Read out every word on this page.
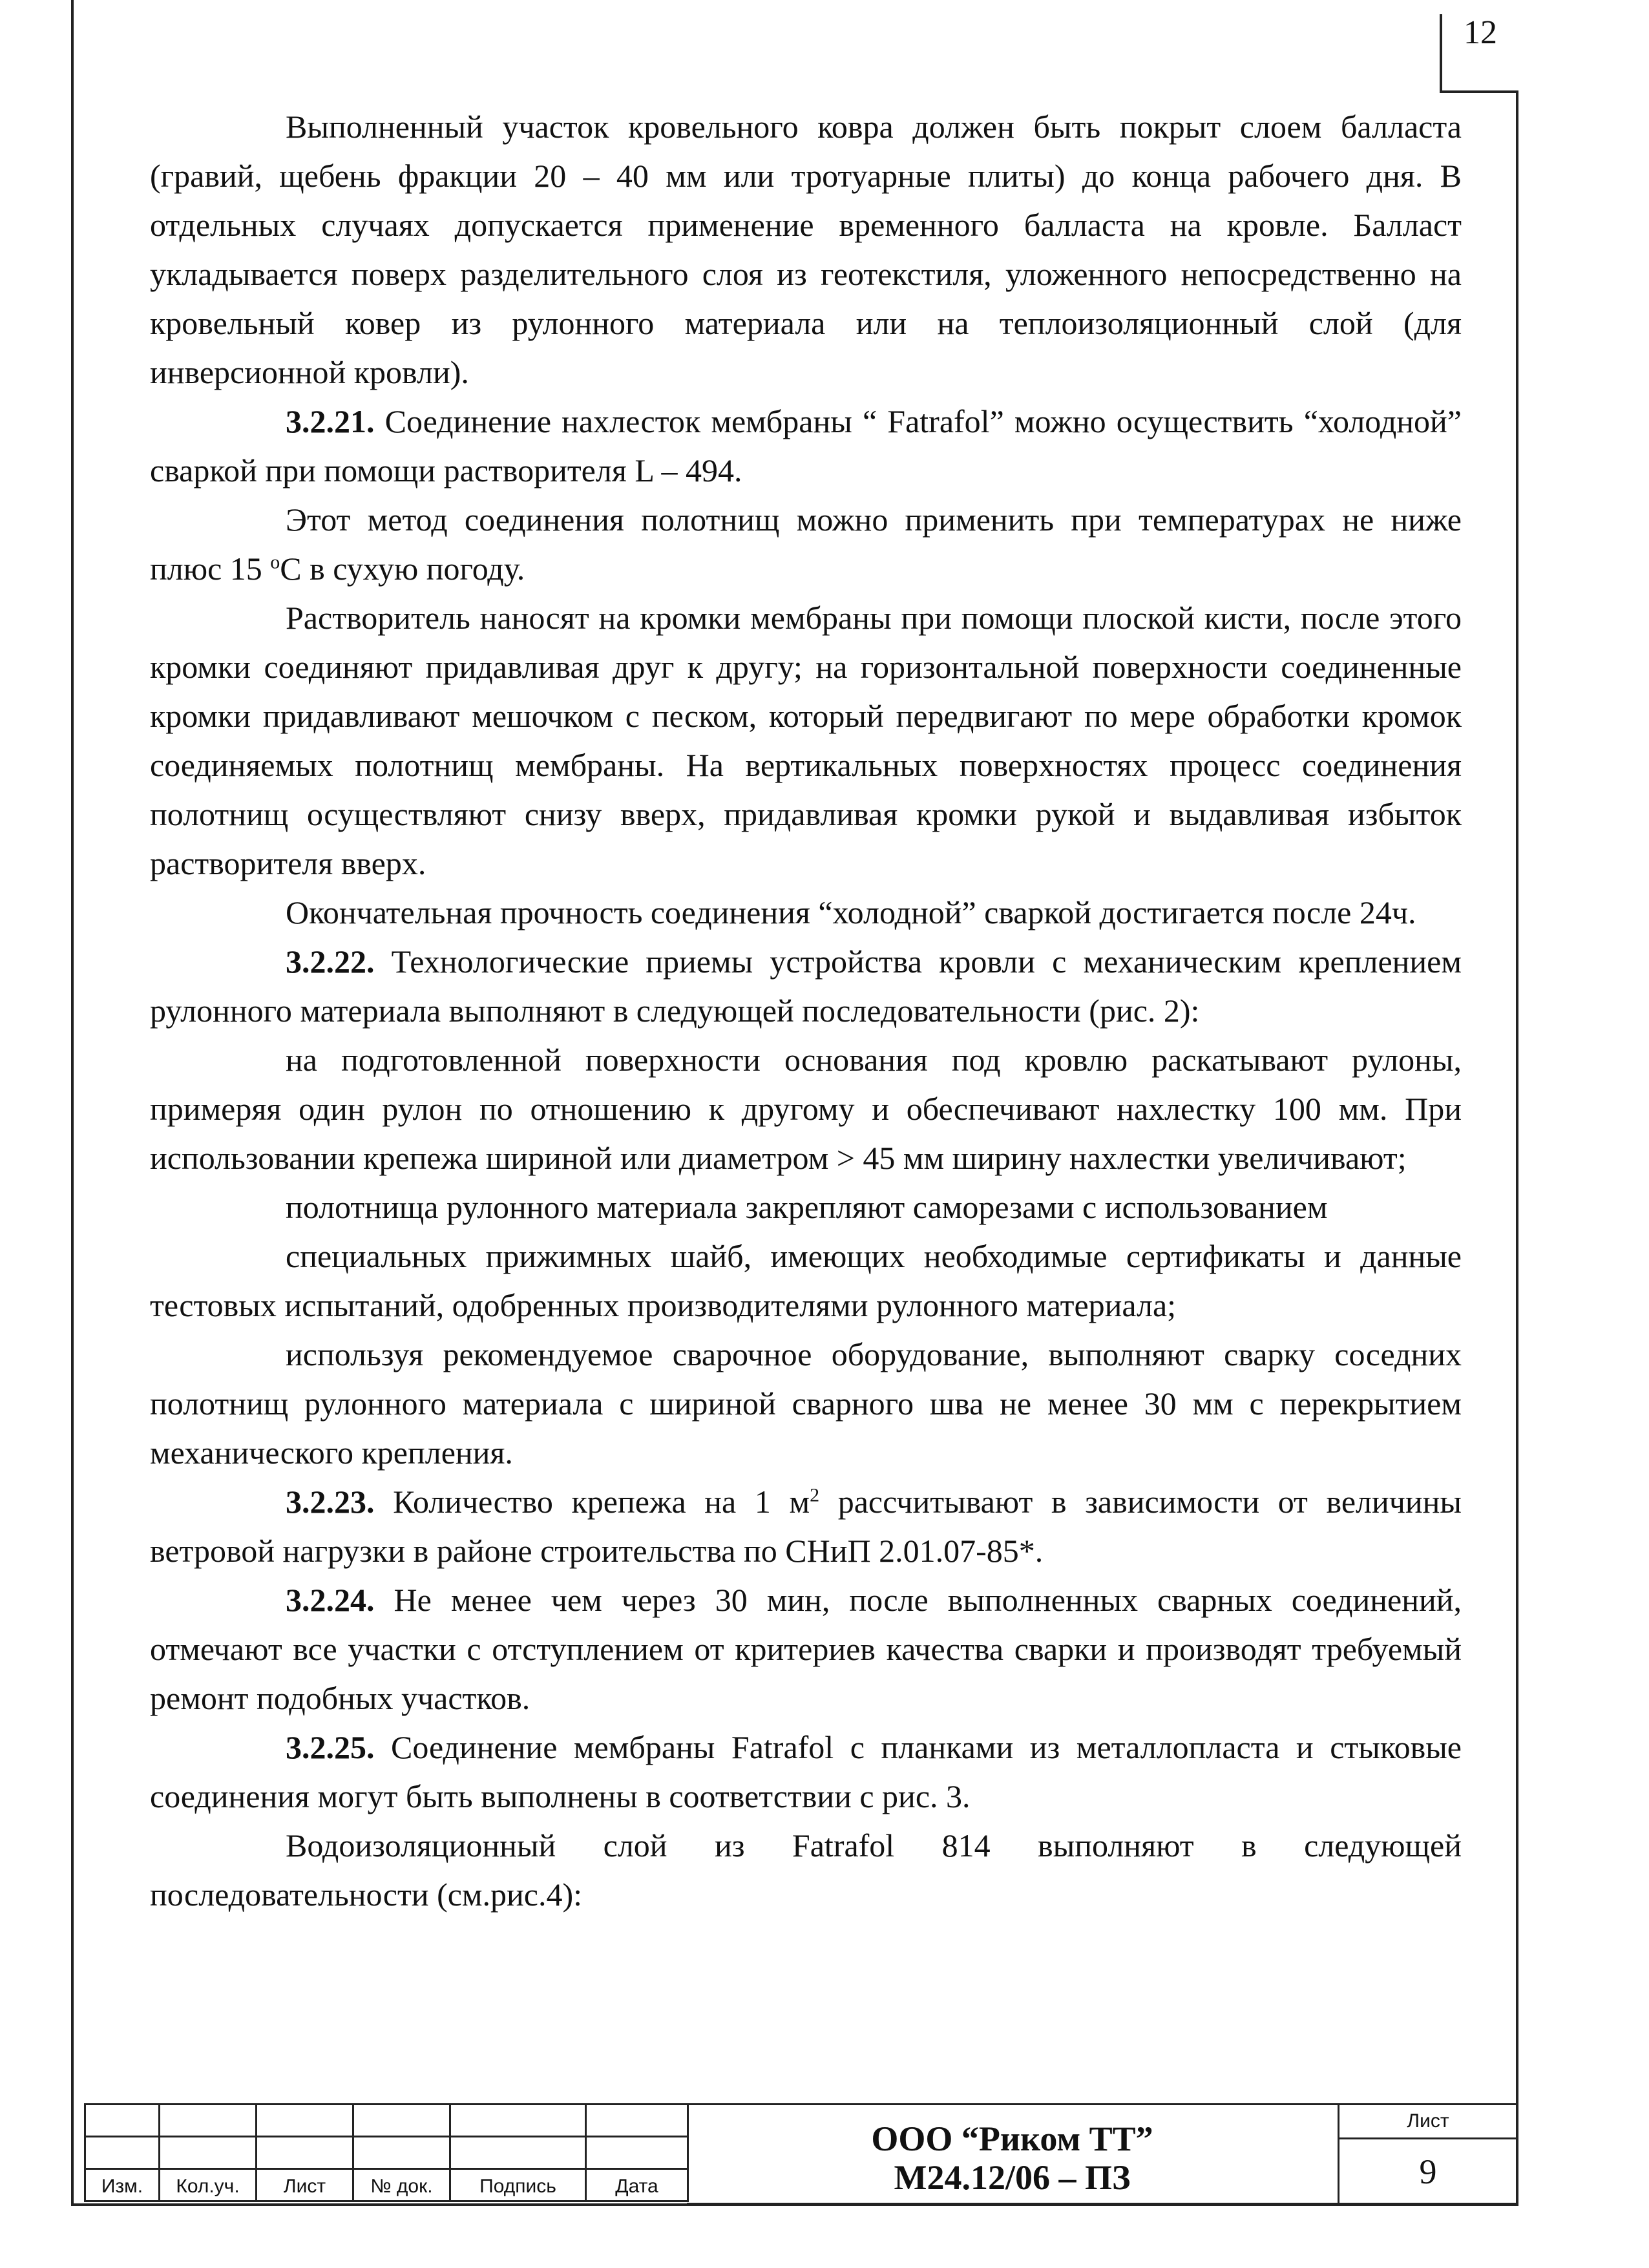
12

Выполненный участок кровельного ковра должен быть покрыт слоем балласта (гравий, щебень фракции 20 – 40 мм или тротуарные плиты) до конца рабочего дня. В отдельных случаях допускается применение временного балласта на кровле. Балласт укладывается поверх разделительного слоя из геотекстиля, уложенного непосредственно на кровельный ковер из рулонного материала или на теплоизоляционный слой (для инверсионной кровли).

3.2.21. Соединение нахлесток мембраны “ Fatrafol” можно осуществить “холодной” сваркой при помощи растворителя L – 494.

Этот метод соединения полотнищ можно применить при температурах не ниже плюс 15 $^o$С в сухую погоду.

Растворитель наносят на кромки мембраны при помощи плоской кисти, после этого кромки соединяют придавливая друг к другу; на горизонтальной поверхности соединенные кромки придавливают мешочком с песком, который передвигают по мере обработки кромок соединяемых полотнищ мембраны. На вертикальных поверхностях процесс соединения полотнищ осуществляют снизу вверх, придавливая кромки рукой и выдавливая избыток растворителя вверх.

Окончательная прочность соединения “холодной” сваркой достигается после 24ч.

3.2.22. Технологические приемы устройства кровли с механическим креплением рулонного материала выполняют в следующей последовательности (рис. 2):

на подготовленной поверхности основания под кровлю раскатывают рулоны, примеряя один рулон по отношению к другому и обеспечивают нахлестку 100 мм. При использовании крепежа шириной или диаметром > 45 мм ширину нахлестки увеличивают;

полотнища рулонного материала закрепляют саморезами с использованием

специальных прижимных шайб, имеющих необходимые сертификаты и данные тестовых испытаний, одобренных производителями рулонного материала;

используя рекомендуемое сварочное оборудование, выполняют сварку соседних полотнищ рулонного материала с шириной сварного шва не менее 30 мм с перекрытием механического крепления.

3.2.23. Количество крепежа на 1 $м^2$ рассчитывают в зависимости от величины ветровой нагрузки в районе строительства по СНиП 2.01.07-85*.

3.2.24. Не менее чем через 30 мин, после выполненных сварных соединений, отмечают все участки с отступлением от критериев качества сварки и производят требуемый ремонт подобных участков.

3.2.25. Соединение мембраны Fatrafol с планками из металлопласта и стыковые соединения могут быть выполнены в соответствии с рис. 3.

Водоизоляционный слой из Fatrafol 814 выполняют в следующей последовательности (см.рис.4):

Изм.	Кол.уч.	Лист	№ док.	Подпись	Дата
ООО “Риком ТТ”
М24.12/06 – ПЗ
Лист
9
